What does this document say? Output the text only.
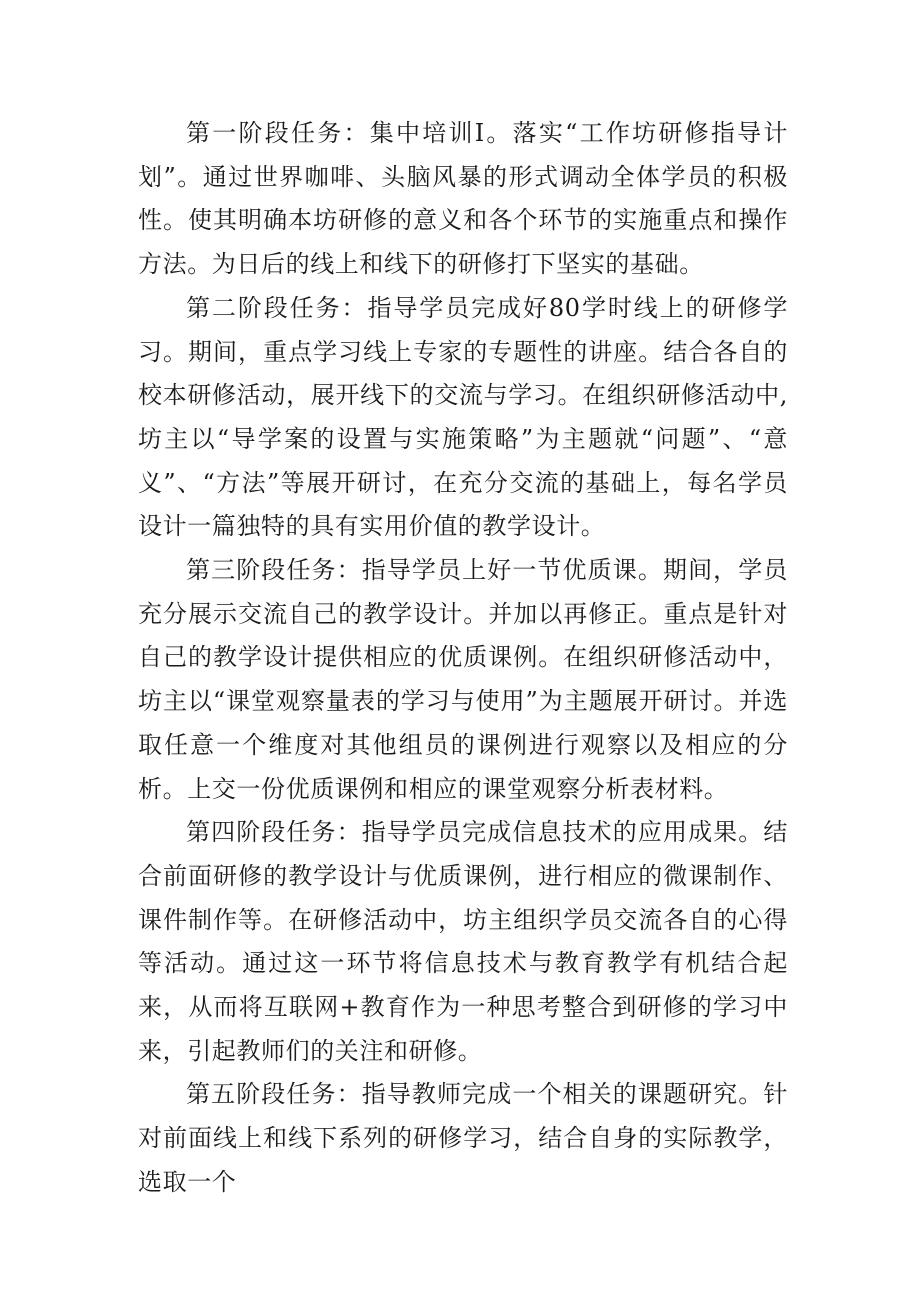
第一阶段任务：集中培训Ⅰ。落实“工作坊研修指导计划”。通过世界咖啡、头脑风暴的形式调动全体学员的积极性。使其明确本坊研修的意义和各个环节的实施重点和操作方法。为日后的线上和线下的研修打下坚实的基础。

第二阶段任务：指导学员完成好80学时线上的研修学习。期间，重点学习线上专家的专题性的讲座。结合各自的校本研修活动，展开线下的交流与学习。在组织研修活动中,坊主以“导学案的设置与实施策略”为主题就“问题”、“意义”、“方法”等展开研讨，在充分交流的基础上，每名学员设计一篇独特的具有实用价值的教学设计。

第三阶段任务：指导学员上好一节优质课。期间，学员充分展示交流自己的教学设计。并加以再修正。重点是针对自己的教学设计提供相应的优质课例。在组织研修活动中，坊主以“课堂观察量表的学习与使用”为主题展开研讨。并选取任意一个维度对其他组员的课例进行观察以及相应的分析。上交一份优质课例和相应的课堂观察分析表材料。

第四阶段任务：指导学员完成信息技术的应用成果。结合前面研修的教学设计与优质课例，进行相应的微课制作、课件制作等。在研修活动中，坊主组织学员交流各自的心得等活动。通过这一环节将信息技术与教育教学有机结合起来，从而将互联网+教育作为一种思考整合到研修的学习中来，引起教师们的关注和研修。

第五阶段任务：指导教师完成一个相关的课题研究。针对前面线上和线下系列的研修学习，结合自身的实际教学，选取一个
